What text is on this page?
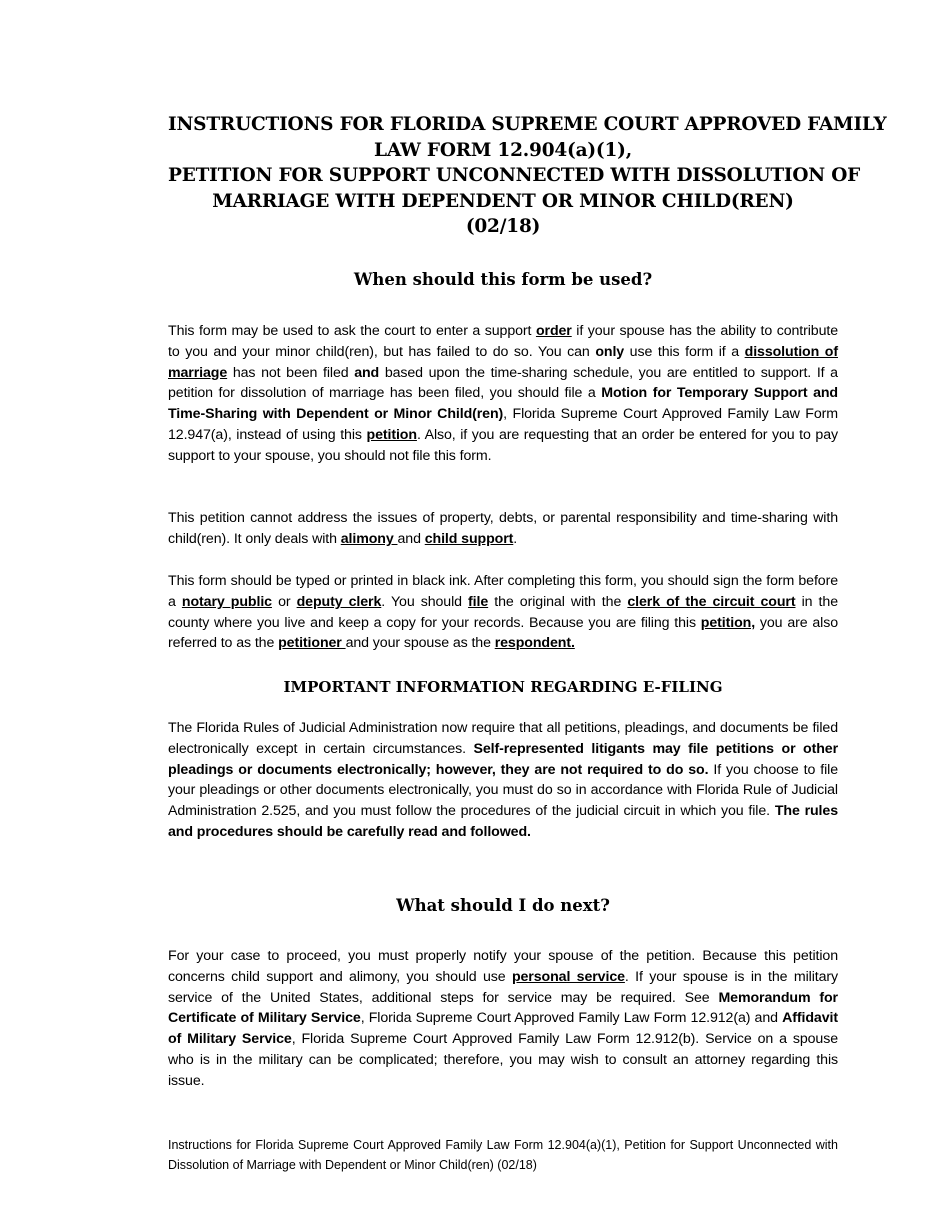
INSTRUCTIONS FOR FLORIDA SUPREME COURT APPROVED FAMILY
LAW FORM 12.904(a)(1),
PETITION FOR SUPPORT UNCONNECTED WITH DISSOLUTION OF
MARRIAGE WITH DEPENDENT OR MINOR CHILD(REN)
(02/18)
When should this form be used?
This form may be used to ask the court to enter a support order if your spouse has the ability to contribute to you and your minor child(ren), but has failed to do so. You can only use this form if a dissolution of marriage has not been filed and based upon the time-sharing schedule, you are entitled to support. If a petition for dissolution of marriage has been filed, you should file a Motion for Temporary Support and Time-Sharing with Dependent or Minor Child(ren), Florida Supreme Court Approved Family Law Form 12.947(a), instead of using this petition. Also, if you are requesting that an order be entered for you to pay support to your spouse, you should not file this form.
This petition cannot address the issues of property, debts, or parental responsibility and time-sharing with child(ren). It only deals with alimony and child support.
This form should be typed or printed in black ink. After completing this form, you should sign the form before a notary public or deputy clerk. You should file the original with the clerk of the circuit court in the county where you live and keep a copy for your records. Because you are filing this petition, you are also referred to as the petitioner and your spouse as the respondent.
IMPORTANT INFORMATION REGARDING E-FILING
The Florida Rules of Judicial Administration now require that all petitions, pleadings, and documents be filed electronically except in certain circumstances. Self-represented litigants may file petitions or other pleadings or documents electronically; however, they are not required to do so. If you choose to file your pleadings or other documents electronically, you must do so in accordance with Florida Rule of Judicial Administration 2.525, and you must follow the procedures of the judicial circuit in which you file. The rules and procedures should be carefully read and followed.
What should I do next?
For your case to proceed, you must properly notify your spouse of the petition. Because this petition concerns child support and alimony, you should use personal service. If your spouse is in the military service of the United States, additional steps for service may be required. See Memorandum for Certificate of Military Service, Florida Supreme Court Approved Family Law Form 12.912(a) and Affidavit of Military Service, Florida Supreme Court Approved Family Law Form 12.912(b). Service on a spouse who is in the military can be complicated; therefore, you may wish to consult an attorney regarding this issue.
Instructions for Florida Supreme Court Approved Family Law Form 12.904(a)(1), Petition for Support Unconnected with Dissolution of Marriage with Dependent or Minor Child(ren) (02/18)
